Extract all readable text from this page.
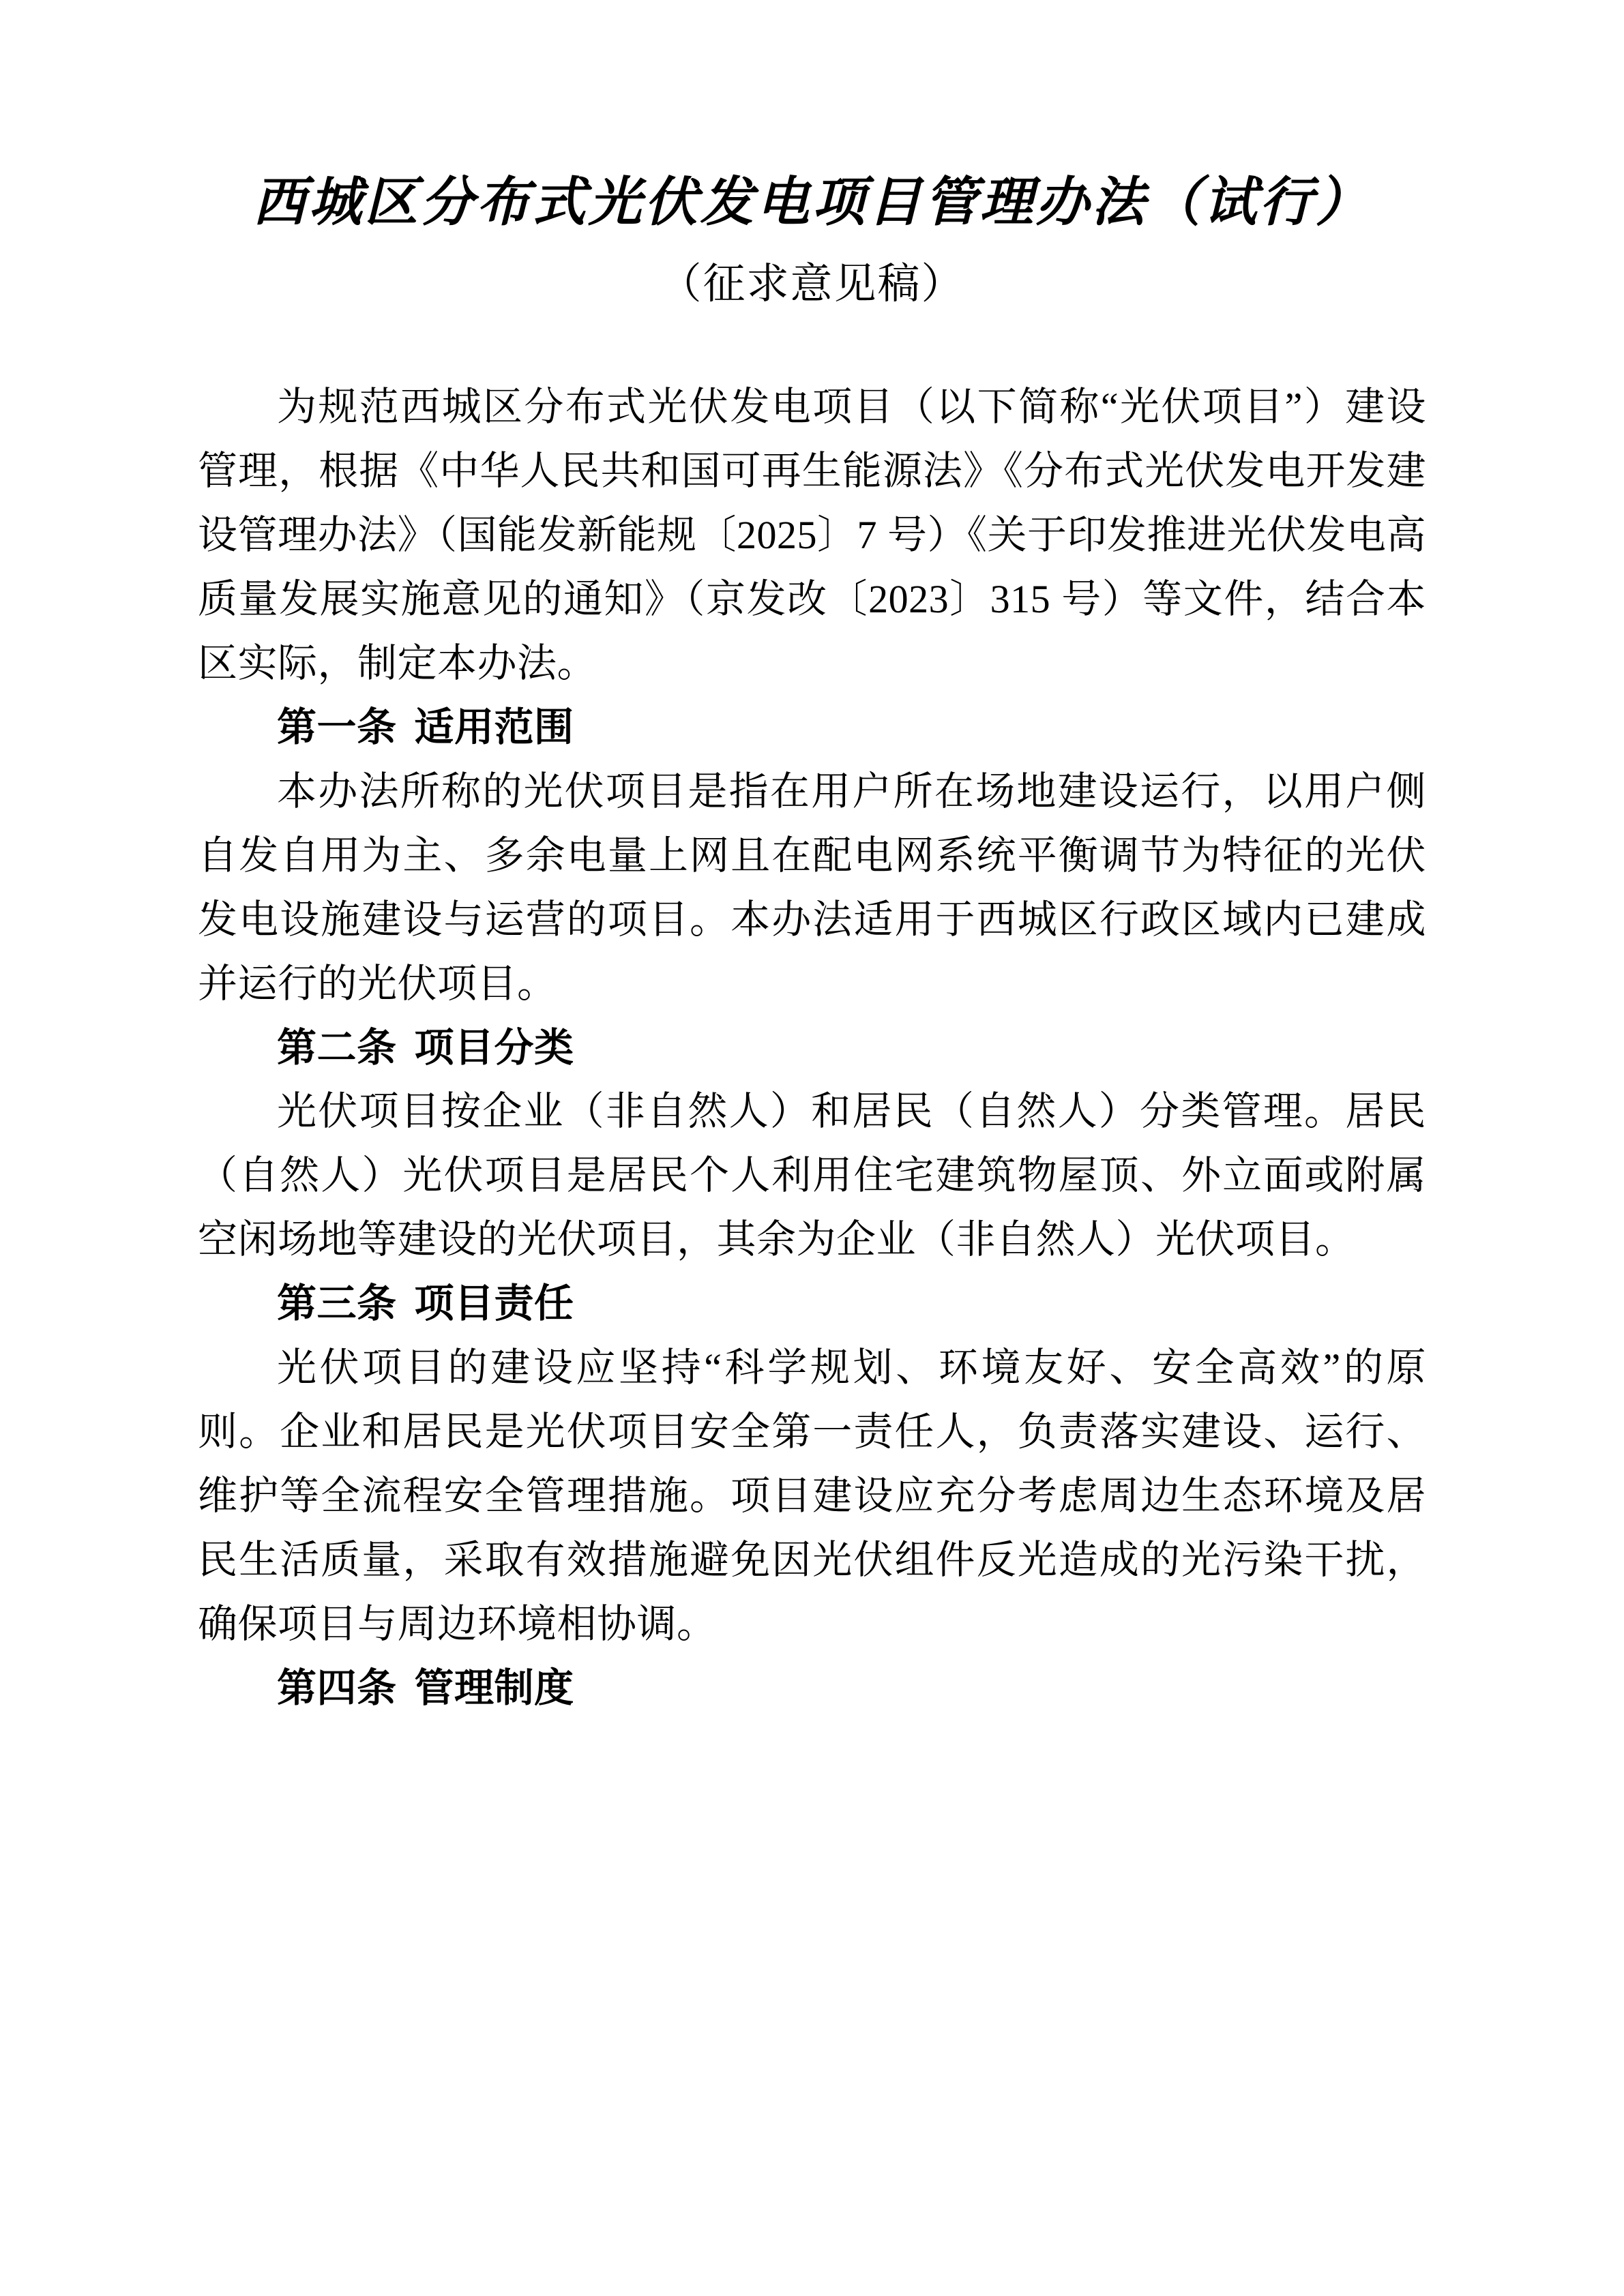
西城区分布式光伏发电项目管理办法（试行）

（征求意见稿）

为规范西城区分布式光伏发电项目（以下简称“光伏项目”）建设管理，根据《中华人民共和国可再生能源法》《分布式光伏发电开发建设管理办法》（国能发新能规〔2025〕7 号）《关于印发推进光伏发电高质量发展实施意见的通知》（京发改〔2023〕315 号）等文件，结合本区实际，制定本办法。

第一条 适用范围

本办法所称的光伏项目是指在用户所在场地建设运行，以用户侧自发自用为主、多余电量上网且在配电网系统平衡调节为特征的光伏发电设施建设与运营的项目。本办法适用于西城区行政区域内已建成并运行的光伏项目。

第二条 项目分类

光伏项目按企业（非自然人）和居民（自然人）分类管理。居民（自然人）光伏项目是居民个人利用住宅建筑物屋顶、外立面或附属空闲场地等建设的光伏项目，其余为企业（非自然人）光伏项目。

第三条 项目责任

光伏项目的建设应坚持“科学规划、环境友好、安全高效”的原则。企业和居民是光伏项目安全第一责任人，负责落实建设、运行、维护等全流程安全管理措施。项目建设应充分考虑周边生态环境及居民生活质量，采取有效措施避免因光伏组件反光造成的光污染干扰，确保项目与周边环境相协调。

第四条 管理制度
